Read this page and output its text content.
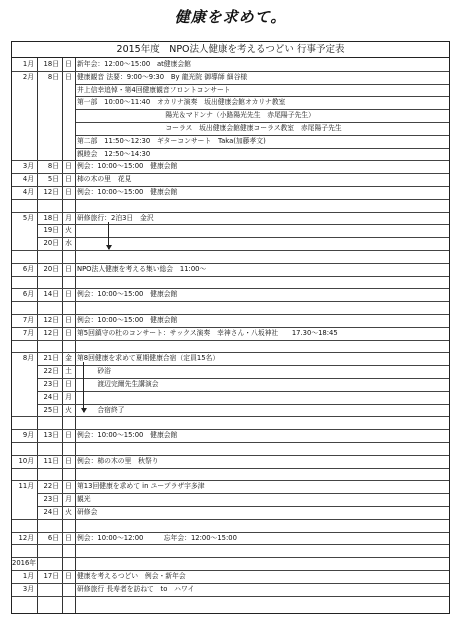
健康を求めて。
2015年度　NPO法人健康を考えるつどい 行事予定表
1月	18日 日 新年会：12:00～15:00　at健康会館
2月	8日 日 健康観音 法要：9:00～9:30　By 龍光院 御導師 細谷様
井上信幸追悼・第4回健康観音フロントコンサート
第一部　10:00～11:40　オカリナ演奏　坂出健康会館オカリナ教室
　　　　　　　　　　　　　陽光＆マドンナ（小路陽光先生　赤尾陽子先生）
　　　　　　　　　　　　　コーラス　坂出健康会館健康コーラス教室　赤尾陽子先生
第二部　11:50～12:30　ギターコンサート　Taka(加藤孝文)
親睦会　12:50～14:30
3月	8日 日 例会：10:00～15:00　健康会館
4月	5日 日 柿の木の里　花見
4月	12日 日 例会：10:00～15:00　健康会館
5月	18日 月 研修旅行：2泊3日　金沢
19日 火
20日 水
6月	20日 日 NPO法人健康を考える集い総会　11:00～
6月	14日 日 例会：10:00～15:00　健康会館
7月	12日 日 例会：10:00～15:00　健康会館
7月	12日 日 第5回鎮守の杜のコンサート：サックス演奏　幸神さん・八坂神社　　17.30～18:45
8月	21日 金 第8回健康を求めて夏期健康合宿（定員15名）
22日 土 　　　砂浴
23日 日 　　　渡辺完爾先生講演会
24日 月
25日 火 　　　合宿終了
9月	13日 日 例会：10:00～15:00　健康会館
10月	11日 日 例会：柿の木の里　秋祭り
11月	22日 日 第13回健康を求めて in ユープラザ宇多津
23日 月 観光
24日 火 研修会
12月	6日 日 例会：10:00～12:00　　　忘年会：12:00～15:00
2016年
1月	17日 日 健康を考えるつどい　例会・新年会
3月	研修旅行 長寿者を訪ねて　to　ハワイ
